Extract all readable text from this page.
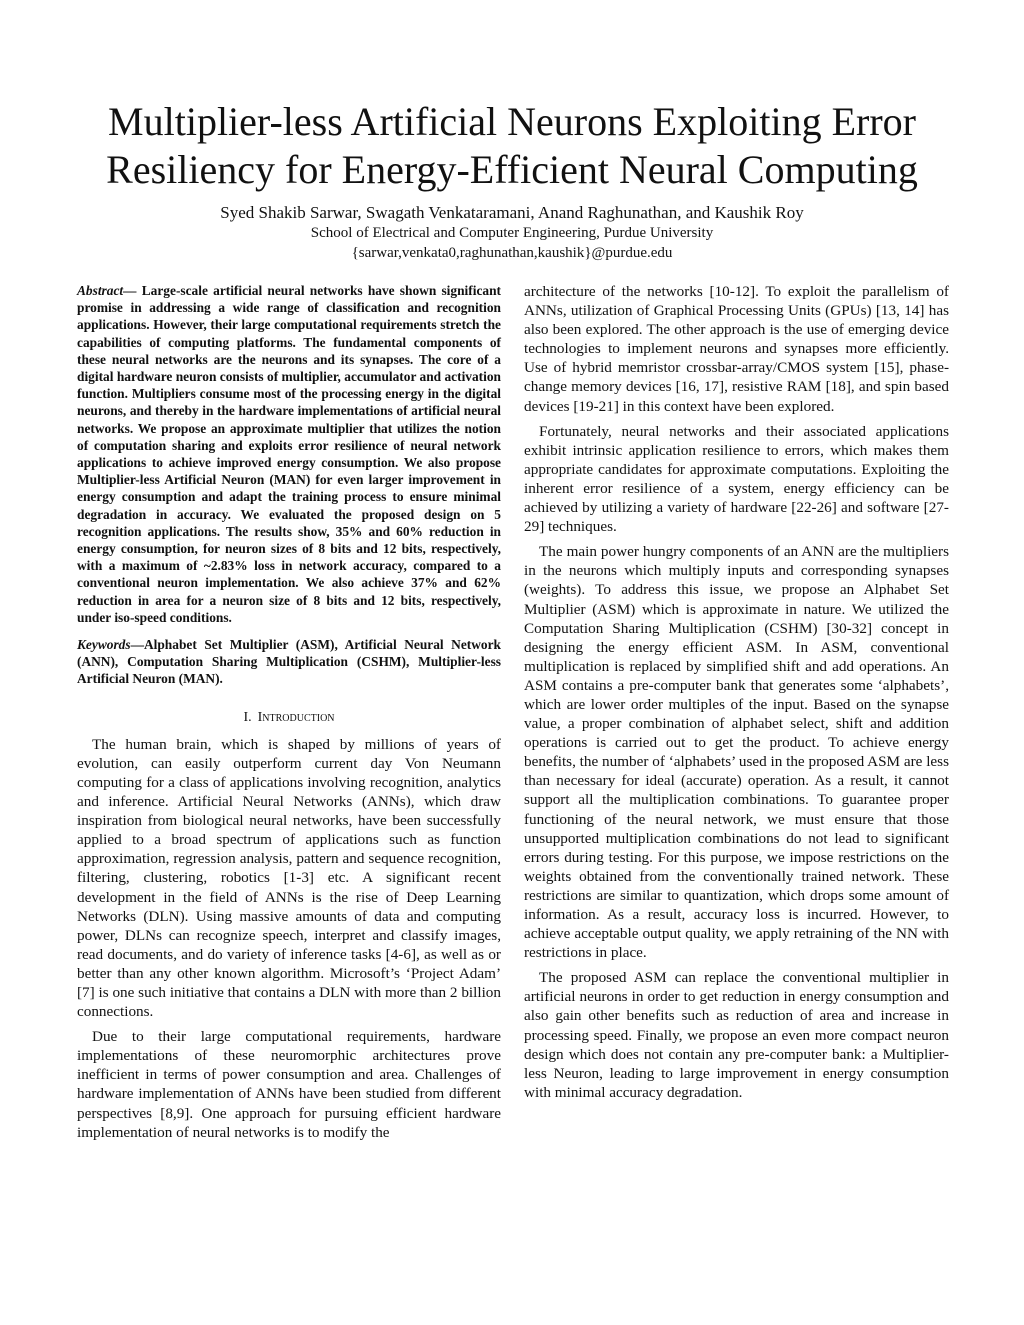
Multiplier-less Artificial Neurons Exploiting Error
Resiliency for Energy-Efficient Neural Computing
Syed Shakib Sarwar, Swagath Venkataramani, Anand Raghunathan, and Kaushik Roy
School of Electrical and Computer Engineering, Purdue University
{sarwar,venkata0,raghunathan,kaushik}@purdue.edu

Abstract— Large-scale artificial neural networks have shown significant promise in addressing a wide range of classification and recognition applications. However, their large computational requirements stretch the capabilities of computing platforms. The fundamental components of these neural networks are the neurons and its synapses. The core of a digital hardware neuron consists of multiplier, accumulator and activation function. Multipliers consume most of the processing energy in the digital neurons, and thereby in the hardware implementations of artificial neural networks. We propose an approximate multiplier that utilizes the notion of computation sharing and exploits error resilience of neural network applications to achieve improved energy consumption. We also propose Multiplier-less Artificial Neuron (MAN) for even larger improvement in energy consumption and adapt the training process to ensure minimal degradation in accuracy. We evaluated the proposed design on 5 recognition applications. The results show, 35% and 60% reduction in energy consumption, for neuron sizes of 8 bits and 12 bits, respectively, with a maximum of ~2.83% loss in network accuracy, compared to a conventional neuron implementation. We also achieve 37% and 62% reduction in area for a neuron size of 8 bits and 12 bits, respectively, under iso-speed conditions.

Keywords—Alphabet Set Multiplier (ASM), Artificial Neural Network (ANN), Computation Sharing Multiplication (CSHM), Multiplier-less Artificial Neuron (MAN).

I. Introduction

The human brain, which is shaped by millions of years of evolution, can easily outperform current day Von Neumann computing for a class of applications involving recognition, analytics and inference. Artificial Neural Networks (ANNs), which draw inspiration from biological neural networks, have been successfully applied to a broad spectrum of applications such as function approximation, regression analysis, pattern and sequence recognition, filtering, clustering, robotics [1-3] etc. A significant recent development in the field of ANNs is the rise of Deep Learning Networks (DLN). Using massive amounts of data and computing power, DLNs can recognize speech, interpret and classify images, read documents, and do variety of inference tasks [4-6], as well as or better than any other known algorithm. Microsoft’s ‘Project Adam’ [7] is one such initiative that contains a DLN with more than 2 billion connections.

Due to their large computational requirements, hardware implementations of these neuromorphic architectures prove inefficient in terms of power consumption and area. Challenges of hardware implementation of ANNs have been studied from different perspectives [8,9]. One approach for pursuing efficient hardware implementation of neural networks is to modify the

architecture of the networks [10-12]. To exploit the parallelism of ANNs, utilization of Graphical Processing Units (GPUs) [13, 14] has also been explored. The other approach is the use of emerging device technologies to implement neurons and synapses more efficiently. Use of hybrid memristor crossbar-array/CMOS system [15], phase-change memory devices [16, 17], resistive RAM [18], and spin based devices [19-21] in this context have been explored.

Fortunately, neural networks and their associated applications exhibit intrinsic application resilience to errors, which makes them appropriate candidates for approximate computations. Exploiting the inherent error resilience of a system, energy efficiency can be achieved by utilizing a variety of hardware [22-26] and software [27-29] techniques.

The main power hungry components of an ANN are the multipliers in the neurons which multiply inputs and corresponding synapses (weights). To address this issue, we propose an Alphabet Set Multiplier (ASM) which is approximate in nature. We utilized the Computation Sharing Multiplication (CSHM) [30-32] concept in designing the energy efficient ASM. In ASM, conventional multiplication is replaced by simplified shift and add operations. An ASM contains a pre-computer bank that generates some ‘alphabets’, which are lower order multiples of the input. Based on the synapse value, a proper combination of alphabet select, shift and addition operations is carried out to get the product. To achieve energy benefits, the number of ‘alphabets’ used in the proposed ASM are less than necessary for ideal (accurate) operation. As a result, it cannot support all the multiplication combinations. To guarantee proper functioning of the neural network, we must ensure that those unsupported multiplication combinations do not lead to significant errors during testing. For this purpose, we impose restrictions on the weights obtained from the conventionally trained network. These restrictions are similar to quantization, which drops some amount of information. As a result, accuracy loss is incurred. However, to achieve acceptable output quality, we apply retraining of the NN with restrictions in place.

The proposed ASM can replace the conventional multiplier in artificial neurons in order to get reduction in energy consumption and also gain other benefits such as reduction of area and increase in processing speed. Finally, we propose an even more compact neuron design which does not contain any pre-computer bank: a Multiplier-less Neuron, leading to large improvement in energy consumption with minimal accuracy degradation.
